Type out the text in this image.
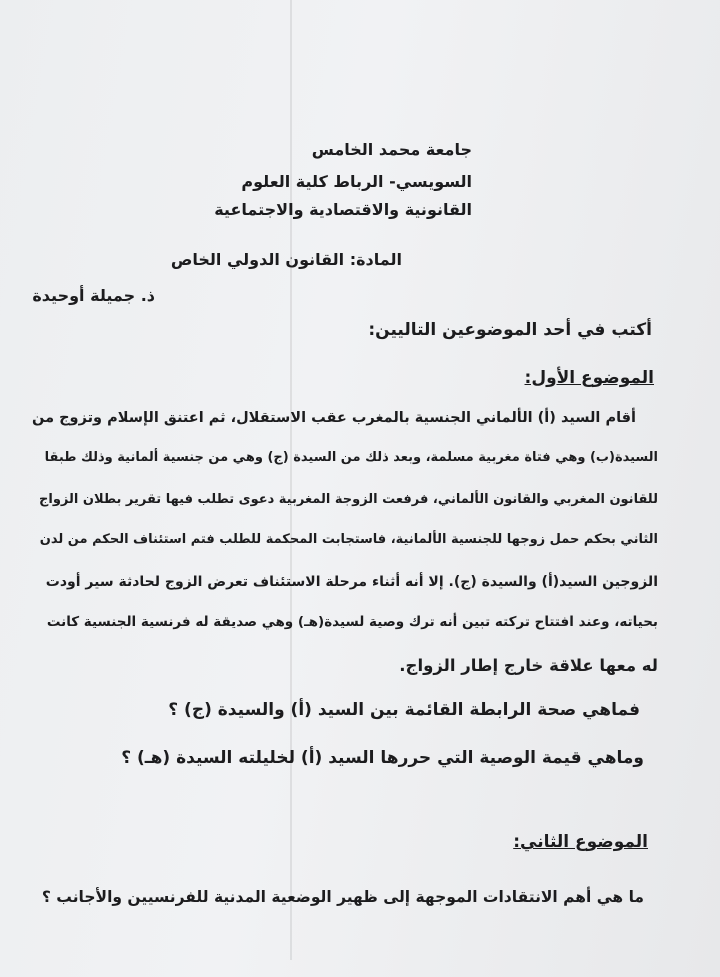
جامعة محمد الخامس
السويسي- الرباط كلية العلوم
القانونية والاقتصادية والاجتماعية
المادة: القانون الدولي الخاص
ذ. جميلة أوحيدة
أكتب في أحد الموضوعين التاليين:
الموضوع الأول:
أقام السيد (أ) الألماني الجنسية بالمغرب عقب الاستقلال، ثم اعتنق الإسلام وتزوج من
السيدة(ب) وهي فتاة مغربية مسلمة، وبعد ذلك من السيدة (ج) وهي من جنسية ألمانية وذلك طبقا
للقانون المغربي والقانون الألماني، فرفعت الزوجة المغربية دعوى تطلب فيها تقرير بطلان الزواج
الثاني بحكم حمل زوجها للجنسية الألمانية، فاستجابت المحكمة للطلب فتم استئناف الحكم من لدن
الزوجين السيد(أ) والسيدة (ج). إلا أنه أثناء مرحلة الاستئناف تعرض الزوج لحادثة سير أودت
بحياته، وعند افتتاح تركته تبين أنه ترك وصية لسيدة(هـ) وهي صديقة له فرنسية الجنسية كانت
له معها علاقة خارج إطار الزواج.
فماهي صحة الرابطة القائمة بين السيد (أ) والسيدة (ج) ؟
وماهي قيمة الوصية التي حررها السيد (أ) لخليلته السيدة (هـ) ؟
الموضوع الثاني:
ما هي أهم الانتقادات الموجهة إلى ظهير الوضعية المدنية للفرنسيين والأجانب ؟
